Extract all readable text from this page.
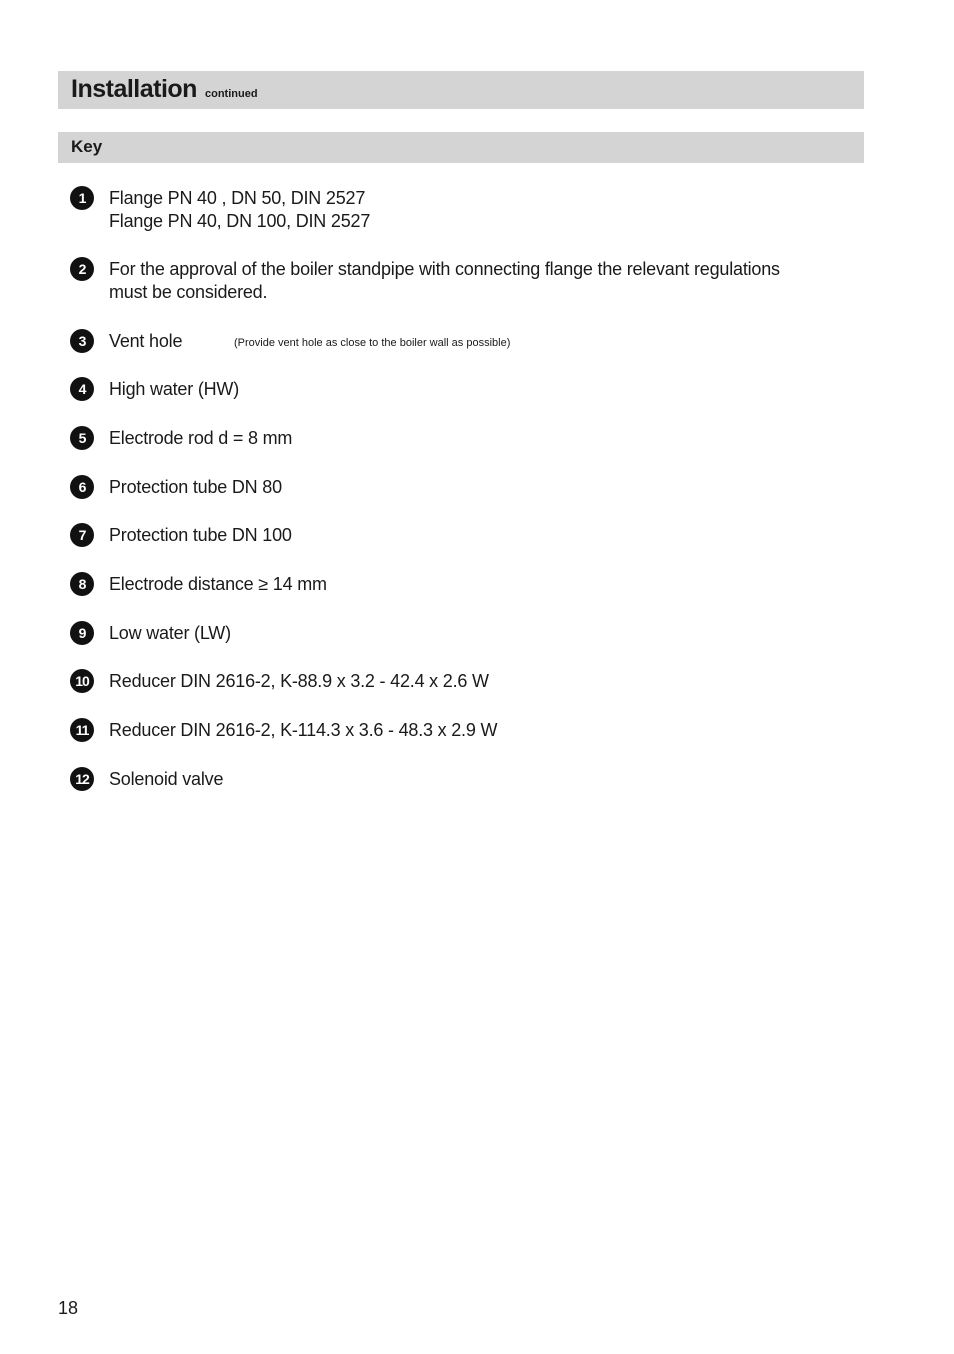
Installation continued
Key
1	Flange PN 40 , DN 50, DIN 2527
Flange PN 40, DN 100, DIN 2527
2	For the approval of the boiler standpipe with connecting flange the relevant regulations
must be considered.
3	Vent hole	(Provide vent hole as close to the boiler wall as possible)
4	High water (HW)
5	Electrode rod d = 8 mm
6	Protection tube DN 80
7	Protection tube DN 100
8	Electrode distance ≥ 14 mm
9	Low water (LW)
10 Reducer DIN 2616-2, K-88.9 x 3.2 - 42.4 x 2.6 W
11	Reducer DIN 2616-2, K-114.3 x 3.6 - 48.3 x 2.9 W
12 Solenoid valve
18
